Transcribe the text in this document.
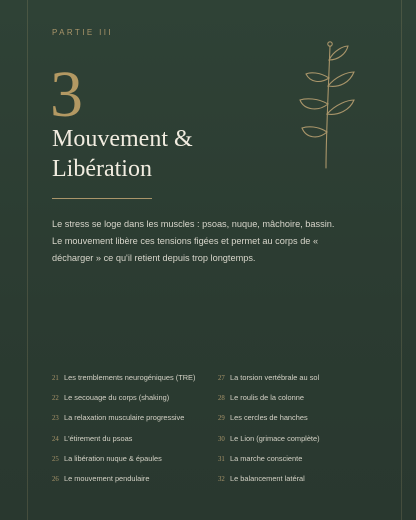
PARTIE III
3
Mouvement &
Libération

Le stress se loge dans les muscles : psoas, nuque, mâchoire, bassin.

Le mouvement libère ces tensions figées et permet au corps de « décharger » ce qu'il retient depuis trop longtemps.

21 Les tremblements neurogéniques (TRE)
22 Le secouage du corps (shaking)
23 La relaxation musculaire progressive
24 L'étirement du psoas
25 La libération nuque & épaules
26 Le mouvement pendulaire
27 La torsion vertébrale au sol
28 Le roulis de la colonne
29 Les cercles de hanches
30 Le Lion (grimace complète)
31 La marche consciente
32 Le balancement latéral
